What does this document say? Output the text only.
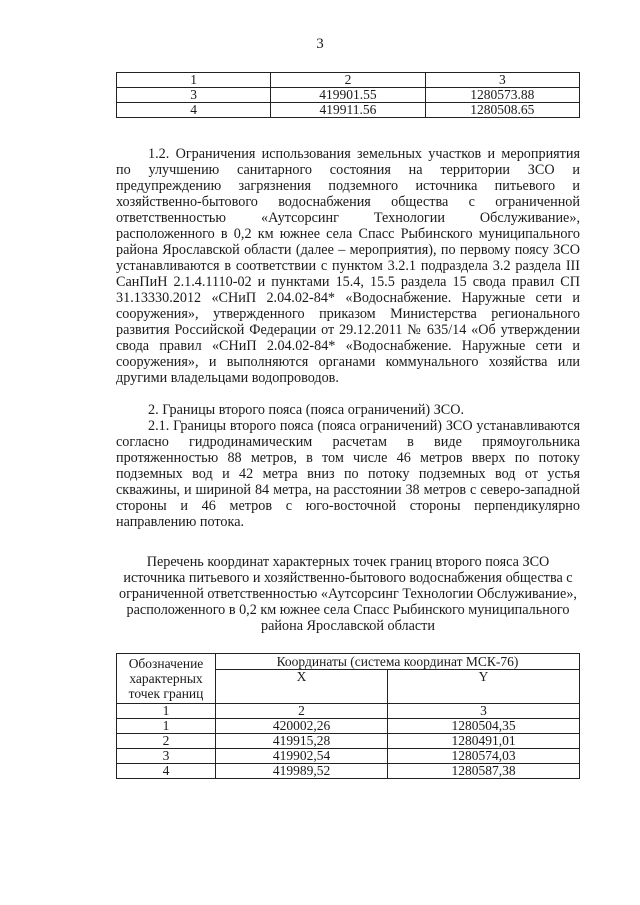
3
1	2	3
3	419901.55	1280573.88
4	419911.56	1280508.65

1.2. Ограничения использования земельных участков и мероприятия по улучшению санитарного состояния на территории ЗСО и предупреждению загрязнения подземного источника питьевого и хозяйственно-бытового водоснабжения общества с ограниченной ответственностью «Аутсорсинг Технологии Обслуживание», расположенного в 0,2 км южнее села Спасс Рыбинского муниципального района Ярославской области (далее – мероприятия), по первому поясу ЗСО устанавливаются в соответствии с пунктом 3.2.1 подраздела 3.2 раздела III СанПиН 2.1.4.1110-02 и пунктами 15.4, 15.5 раздела 15 свода правил СП 31.13330.2012 «СНиП 2.04.02-84* «Водоснабжение. Наружные сети и сооружения», утвержденного приказом Министерства регионального развития Российской Федерации от 29.12.2011 № 635/14 «Об утверждении свода правил «СНиП 2.04.02-84* «Водоснабжение. Наружные сети и сооружения», и выполняются органами коммунального хозяйства или другими владельцами водопроводов.

2. Границы второго пояса (пояса ограничений) ЗСО.

2.1. Границы второго пояса (пояса ограничений) ЗСО устанавливаются согласно гидродинамическим расчетам в виде прямоугольника протяженностью 88 метров, в том числе 46 метров вверх по потоку подземных вод и 42 метра вниз по потоку подземных вод от устья скважины, и шириной 84 метра, на расстоянии 38 метров с северо-западной стороны и 46 метров с юго-восточной стороны перпендикулярно направлению потока.

Перечень координат характерных точек границ второго пояса ЗСО источника питьевого и хозяйственно-бытового водоснабжения общества с ограниченной ответственностью «Аутсорсинг Технологии Обслуживание», расположенного в 0,2 км южнее села Спасс Рыбинского муниципального района Ярославской области

Обозначение характерных точек границ	Координаты (система координат МСК-76)	
	X	Y
1	2	3
1	420002,26	1280504,35
2	419915,28	1280491,01
3	419902,54	1280574,03
4	419989,52	1280587,38
